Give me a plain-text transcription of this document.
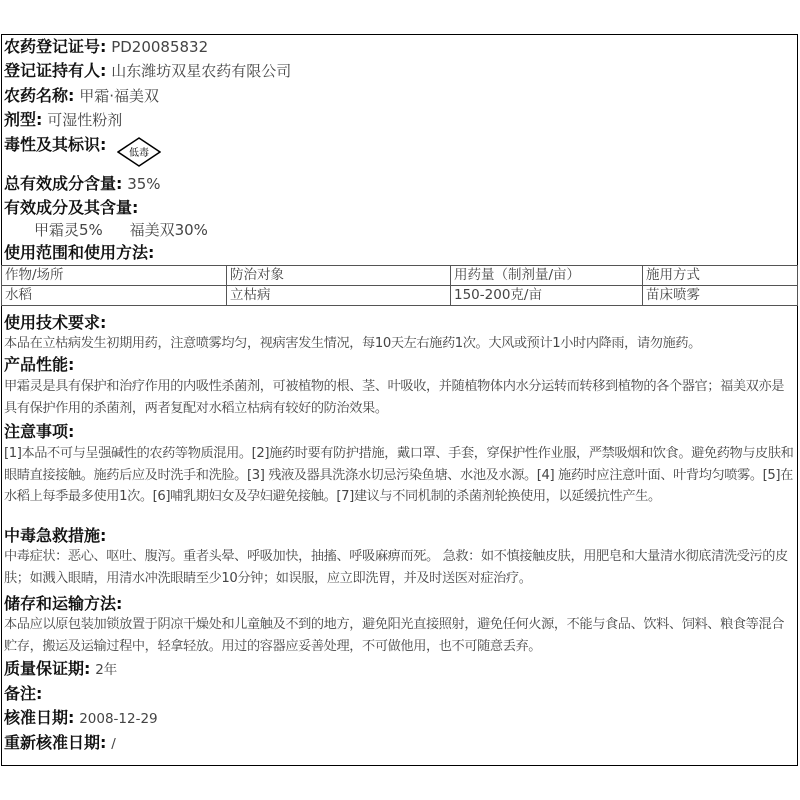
农药登记证号: PD20085832
登记证持有人: 山东潍坊双星农药有限公司
农药名称: 甲霜·福美双
剂型: 可湿性粉剂
毒性及其标识: 低毒
总有效成分含量: 35%
有效成分及其含量:
甲霜灵5% 福美双30%
使用范围和使用方法:
作物/场所	防治对象	用药量（制剂量/亩）	施用方式
水稻	立枯病	150-200克/亩	苗床喷雾
使用技术要求:
本品在立枯病发生初期用药，注意喷雾均匀，视病害发生情况，每10天左右施药1次。大风或预计1小时内降雨，请勿施药。
产品性能:
甲霜灵是具有保护和治疗作用的内吸性杀菌剂，可被植物的根、茎、叶吸收，并随植物体内水分运转而转移到植物的各个器官；福美双亦是具有保护作用的杀菌剂，两者复配对水稻立枯病有较好的防治效果。
注意事项:
[1]本品不可与呈强碱性的农药等物质混用。[2]施药时要有防护措施，戴口罩、手套，穿保护性作业服，严禁吸烟和饮食。避免药物与皮肤和眼睛直接接触。施药后应及时洗手和洗脸。[3] 残液及器具洗涤水切忌污染鱼塘、水池及水源。[4] 施药时应注意叶面、叶背均匀喷雾。[5]在水稻上每季最多使用1次。[6]哺乳期妇女及孕妇避免接触。[7]建议与不同机制的杀菌剂轮换使用，以延缓抗性产生。
中毒急救措施:
中毒症状：恶心、呕吐、腹泻。重者头晕、呼吸加快，抽搐、呼吸麻痹而死。 急救：如不慎接触皮肤，用肥皂和大量清水彻底清洗受污的皮肤；如溅入眼睛，用清水冲洗眼睛至少10分钟；如误服，应立即洗胃，并及时送医对症治疗。
储存和运输方法:
本品应以原包装加锁放置于阴凉干燥处和儿童触及不到的地方，避免阳光直接照射，避免任何火源，不能与食品、饮料、饲料、粮食等混合贮存，搬运及运输过程中，轻拿轻放。用过的容器应妥善处理，不可做他用，也不可随意丢弃。
质量保证期: 2年
备注:
核准日期: 2008-12-29
重新核准日期: /
